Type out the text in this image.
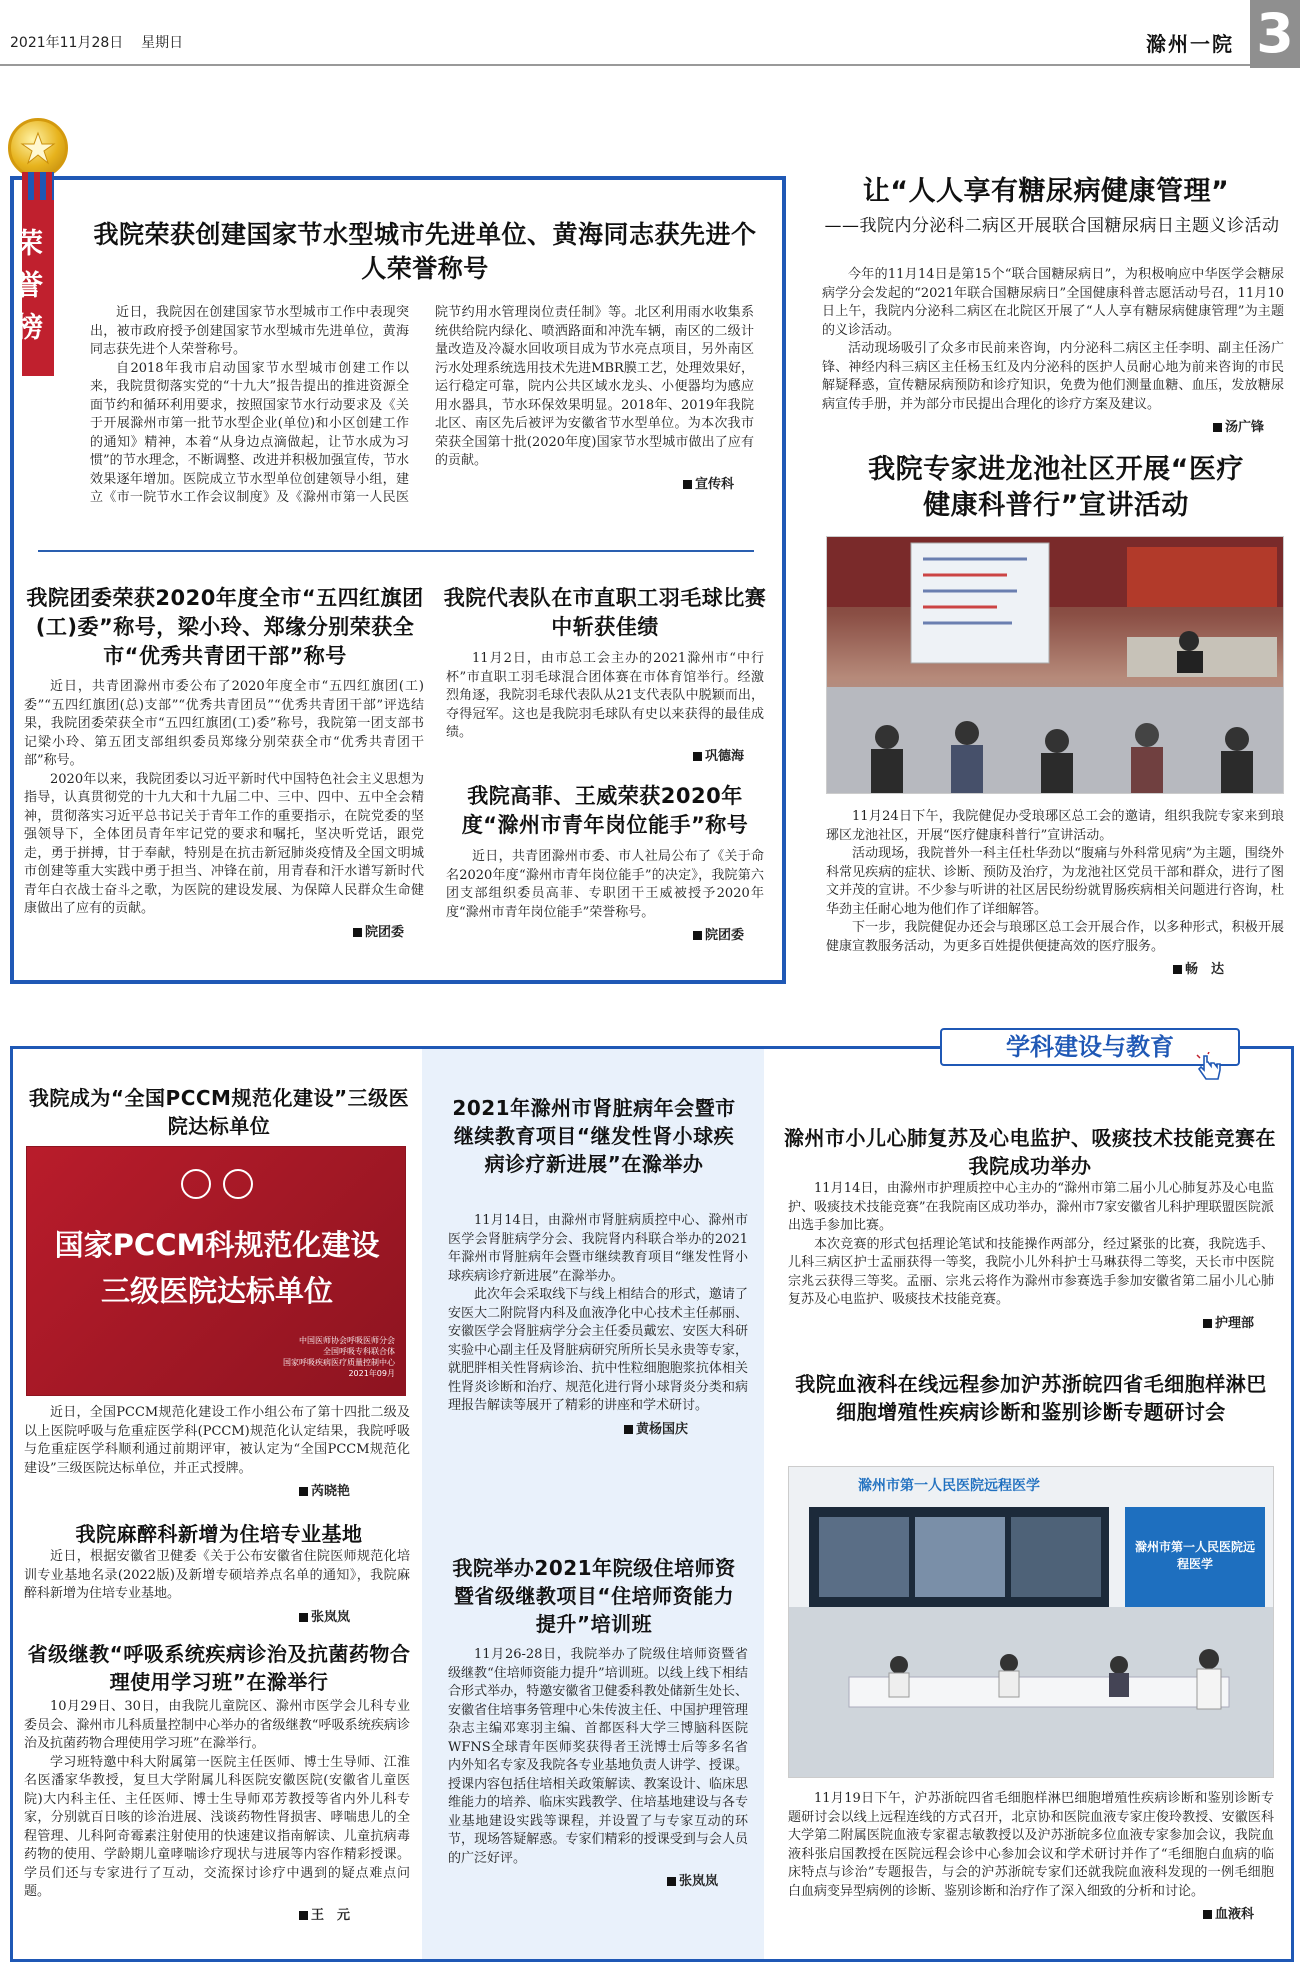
2021年11月28日 星期日	滁州一院 3
荣誉榜	我院荣获创建国家节水型城市先进单位、黄海同志获先进个人荣誉称号

近日，我院因在创建国家节水型城市工作中表现突出，被市政府授予创建国家节水型城市先进单位，黄海同志获先进个人荣誉称号。

自2018年我市启动国家节水型城市创建工作以来，我院贯彻落实党的“十九大”报告提出的推进资源全面节约和循环利用要求，按照国家节水行动要求及《关于开展滁州市第一批节水型企业(单位)和小区创建工作的通知》精神，本着“从身边点滴做起，让节水成为习惯”的节水理念，不断调整、改进并积极加强宣传，节水效果逐年增加。医院成立节水型单位创建领导小组，建立《市一院节水工作会议制度》及《滁州市第一人民医院节约用水管理岗位责任制》等。北区利用雨水收集系统供给院内绿化、喷洒路面和冲洗车辆，南区的二级计量改造及冷凝水回收项目成为节水亮点项目，另外南区污水处理系统选用技术先进MBR膜工艺，处理效果好，运行稳定可靠，院内公共区域水龙头、小便器均为感应用水器具，节水环保效果明显。2018年、2019年我院北区、南区先后被评为安徽省节水型单位。为本次我市荣获全国第十批(2020年度)国家节水型城市做出了应有的贡献。

宣传科
我院团委荣获2020年度全市“五四红旗团(工)委”称号，梁小玲、郑缘分别荣获全市“优秀共青团干部”称号

近日，共青团滁州市委公布了2020年度全市“五四红旗团(工)委”“五四红旗团(总)支部”“优秀共青团员”“优秀共青团干部”评选结果，我院团委荣获全市“五四红旗团(工)委”称号，我院第一团支部书记梁小玲、第五团支部组织委员郑缘分别荣获全市“优秀共青团干部”称号。

2020年以来，我院团委以习近平新时代中国特色社会主义思想为指导，认真贯彻党的十九大和十九届二中、三中、四中、五中全会精神，贯彻落实习近平总书记关于青年工作的重要指示，在院党委的坚强领导下，全体团员青年牢记党的要求和嘱托，坚决听党话，跟党走，勇于拼搏，甘于奉献，特别是在抗击新冠肺炎疫情及全国文明城市创建等重大实践中勇于担当、冲锋在前，用青春和汗水谱写新时代青年白衣战士奋斗之歌，为医院的建设发展、为保障人民群众生命健康做出了应有的贡献。

院团委
我院代表队在市直职工羽毛球比赛中斩获佳绩

11月2日，由市总工会主办的2021滁州市“中行杯”市直职工羽毛球混合团体赛在市体育馆举行。经激烈角逐，我院羽毛球代表队从21支代表队中脱颖而出，夺得冠军。这也是我院羽毛球队有史以来获得的最佳成绩。

巩德海
我院高菲、王威荣获2020年度“滁州市青年岗位能手”称号

近日，共青团滁州市委、市人社局公布了《关于命名2020年度“滁州市青年岗位能手”的决定》，我院第六团支部组织委员高菲、专职团干王威被授予2020年度“滁州市青年岗位能手”荣誉称号。

院团委
让“人人享有糖尿病健康管理”
——我院内分泌科二病区开展联合国糖尿病日主题义诊活动

今年的11月14日是第15个“联合国糖尿病日”，为积极响应中华医学会糖尿病学分会发起的“2021年联合国糖尿病日”全国健康科普志愿活动号召，11月10日上午，我院内分泌科二病区在北院区开展了“人人享有糖尿病健康管理”为主题的义诊活动。

活动现场吸引了众多市民前来咨询，内分泌科二病区主任李明、副主任汤广锋、神经内科三病区主任杨玉红及内分泌科的医护人员耐心地为前来咨询的市民解疑释惑，宣传糖尿病预防和诊疗知识，免费为他们测量血糖、血压，发放糖尿病宣传手册，并为部分市民提出合理化的诊疗方案及建议。

汤广锋
我院专家进龙池社区开展“医疗健康科普行”宣讲活动

11月24日下午，我院健促办受琅琊区总工会的邀请，组织我院专家来到琅琊区龙池社区，开展“医疗健康科普行”宣讲活动。

活动现场，我院普外一科主任杜华劲以“腹痛与外科常见病”为主题，围绕外科常见疾病的症状、诊断、预防及治疗，为龙池社区党员干部和群众，进行了图文并茂的宣讲。不少参与听讲的社区居民纷纷就胃肠疾病相关问题进行咨询，杜华劲主任耐心地为他们作了详细解答。

下一步，我院健促办还会与琅琊区总工会开展合作，以多种形式，积极开展健康宣教服务活动，为更多百姓提供便捷高效的医疗服务。

畅　达
学科建设与教育
我院成为“全国PCCM规范化建设”三级医院达标单位
国家PCCM科规范化建设
三级医院达标单位
中国医师协会呼吸医师分会
全国呼吸专科联合体
国家呼吸疾病医疗质量控制中心
2021年09月

近日，全国PCCM规范化建设工作小组公布了第十四批二级及以上医院呼吸与危重症医学科(PCCM)规范化认定结果，我院呼吸与危重症医学科顺利通过前期评审，被认定为“全国PCCM规范化建设”三级医院达标单位，并正式授牌。

芮晓艳
我院麻醉科新增为住培专业基地

近日，根据安徽省卫健委《关于公布安徽省住院医师规范化培训专业基地名录(2022版)及新增专硕培养点名单的通知》，我院麻醉科新增为住培专业基地。

张岚岚
省级继教“呼吸系统疾病诊治及抗菌药物合理使用学习班”在滁举行

10月29日、30日，由我院儿童院区、滁州市医学会儿科专业委员会、滁州市儿科质量控制中心举办的省级继教“呼吸系统疾病诊治及抗菌药物合理使用学习班”在滁举行。

学习班特邀中科大附属第一医院主任医师、博士生导师、江淮名医潘家华教授，复旦大学附属儿科医院安徽医院(安徽省儿童医院)大内科主任、主任医师、博士生导师邓芳教授等省内外儿科专家，分别就百日咳的诊治进展、浅谈药物性肾损害、哮喘患儿的全程管理、儿科阿奇霉素注射使用的快速建议指南解读、儿童抗病毒药物的使用、学龄期儿童哮喘诊疗现状与进展等内容作精彩授课。学员们还与专家进行了互动，交流探讨诊疗中遇到的疑点难点问题。

王　元
2021年滁州市肾脏病年会暨市继续教育项目“继发性肾小球疾病诊疗新进展”在滁举办

11月14日，由滁州市肾脏病质控中心、滁州市医学会肾脏病学分会、我院肾内科联合举办的2021年滁州市肾脏病年会暨市继续教育项目“继发性肾小球疾病诊疗新进展”在滁举办。

此次年会采取线下与线上相结合的形式，邀请了安医大二附院肾内科及血液净化中心技术主任郝丽、安徽医学会肾脏病学分会主任委员戴宏、安医大科研实验中心副主任及肾脏病研究所所长吴永贵等专家，就肥胖相关性肾病诊治、抗中性粒细胞胞浆抗体相关性肾炎诊断和治疗、规范化进行肾小球肾炎分类和病理报告解读等展开了精彩的讲座和学术研讨。

黄杨国庆
我院举办2021年院级住培师资暨省级继教项目“住培师资能力提升”培训班

11月26-28日，我院举办了院级住培师资暨省级继教“住培师资能力提升”培训班。以线上线下相结合形式举办，特邀安徽省卫健委科教处储新生处长、安徽省住培事务管理中心朱传波主任、中国护理管理杂志主编邓寒羽主编、首都医科大学三博脑科医院WFNS全球青年医师奖获得者王洸博士后等多名省内外知名专家及我院各专业基地负责人讲学、授课。授课内容包括住培相关政策解读、教案设计、临床思维能力的培养、临床实践教学、住培基地建设与各专业基地建设实践等课程，并设置了与专家互动的环节，现场答疑解惑。专家们精彩的授课受到与会人员的广泛好评。

张岚岚
滁州市小儿心肺复苏及心电监护、吸痰技术技能竞赛在我院成功举办

11月14日，由滁州市护理质控中心主办的“滁州市第二届小儿心肺复苏及心电监护、吸痰技术技能竞赛”在我院南区成功举办，滁州市7家安徽省儿科护理联盟医院派出选手参加比赛。

本次竞赛的形式包括理论笔试和技能操作两部分，经过紧张的比赛，我院选手、儿科三病区护士孟丽获得一等奖，我院小儿外科护士马琳获得二等奖，天长市中医院宗兆云获得三等奖。孟丽、宗兆云将作为滁州市参赛选手参加安徽省第二届小儿心肺复苏及心电监护、吸痰技术技能竞赛。

护理部
我院血液科在线远程参加沪苏浙皖四省毛细胞样淋巴细胞增殖性疾病诊断和鉴别诊断专题研讨会
滁州市第一人民医院远程医学
滁州市第一人民医院远程医学

11月19日下午，沪苏浙皖四省毛细胞样淋巴细胞增殖性疾病诊断和鉴别诊断专题研讨会以线上远程连线的方式召开，北京协和医院血液专家庄俊玲教授、安徽医科大学第二附属医院血液专家翟志敏教授以及沪苏浙皖多位血液专家参加会议，我院血液科张启国教授在医院远程会诊中心参加会议和学术研讨并作了“毛细胞白血病的临床特点与诊治”专题报告，与会的沪苏浙皖专家们还就我院血液科发现的一例毛细胞白血病变异型病例的诊断、鉴别诊断和治疗作了深入细致的分析和讨论。

血液科
